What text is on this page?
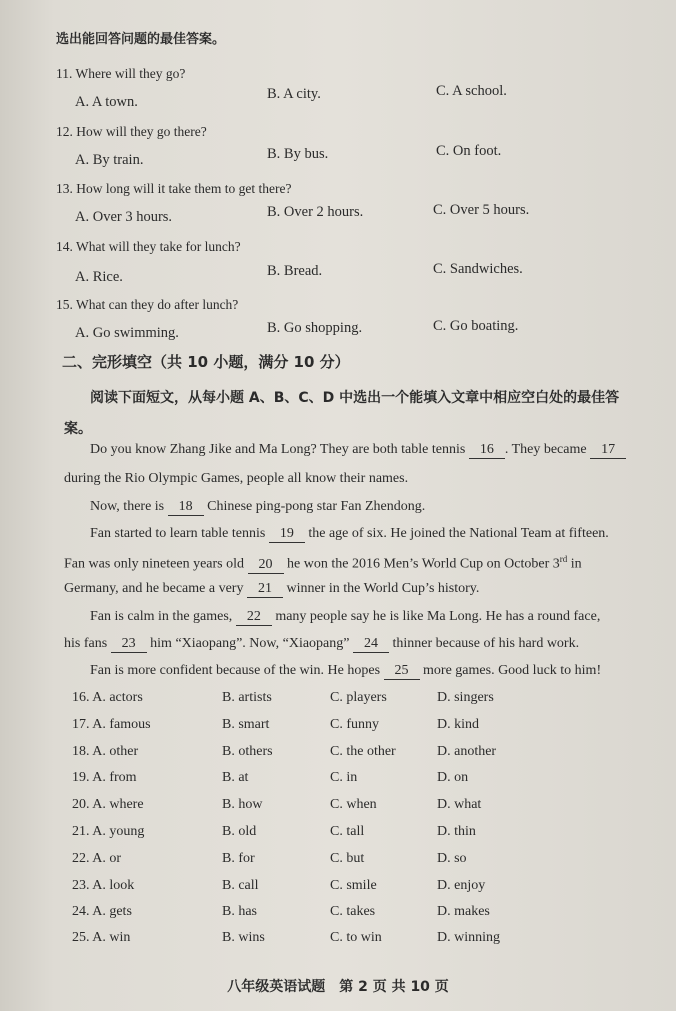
选出能回答问题的最佳答案。
11. Where will they go?
A. A town.	B. A city.	C. A school.
12. How will they go there?
A. By train.	B. By bus.	C. On foot.
13. How long will it take them to get there?
A. Over 3 hours.	B. Over 2 hours.	C. Over 5 hours.
14. What will they take for lunch?
A. Rice.	B. Bread.	C. Sandwiches.
15. What can they do after lunch?
A. Go swimming.	B. Go shopping.	C. Go boating.
二、完形填空（共 10 小题，满分 10 分）
阅读下面短文，从每小题 A、B、C、D 中选出一个能填入文章中相应空白处的最佳答
案。
Do you know Zhang Jike and Ma Long? They are both table tennis 16 . They became 17
during the Rio Olympic Games, people all know their names.
Now, there is 18 Chinese ping-pong star Fan Zhendong.
Fan started to learn table tennis 19 the age of six. He joined the National Team at fifteen.
Fan was only nineteen years old 20 he won the 2016 Men’s World Cup on October 3rd in
Germany, and he became a very 21 winner in the World Cup’s history.
Fan is calm in the games, 22 many people say he is like Ma Long. He has a round face,
his fans 23 him “Xiaopang”. Now, “Xiaopang” 24 thinner because of his hard work.
Fan is more confident because of the win. He hopes 25 more games. Good luck to him!
16. A. actors	B. artists	C. players	D. singers
17. A. famous	B. smart	C. funny	D. kind
18. A. other	B. others	C. the other	D. another
19. A. from	B. at	C. in	D. on
20. A. where	B. how	C. when	D. what
21. A. young	B. old	C. tall	D. thin
22. A. or	B. for	C. but	D. so
23. A. look	B. call	C. smile	D. enjoy
24. A. gets	B. has	C. takes	D. makes
25. A. win	B. wins	C. to win	D. winning
八年级英语试题　第 2 页 共 10 页
